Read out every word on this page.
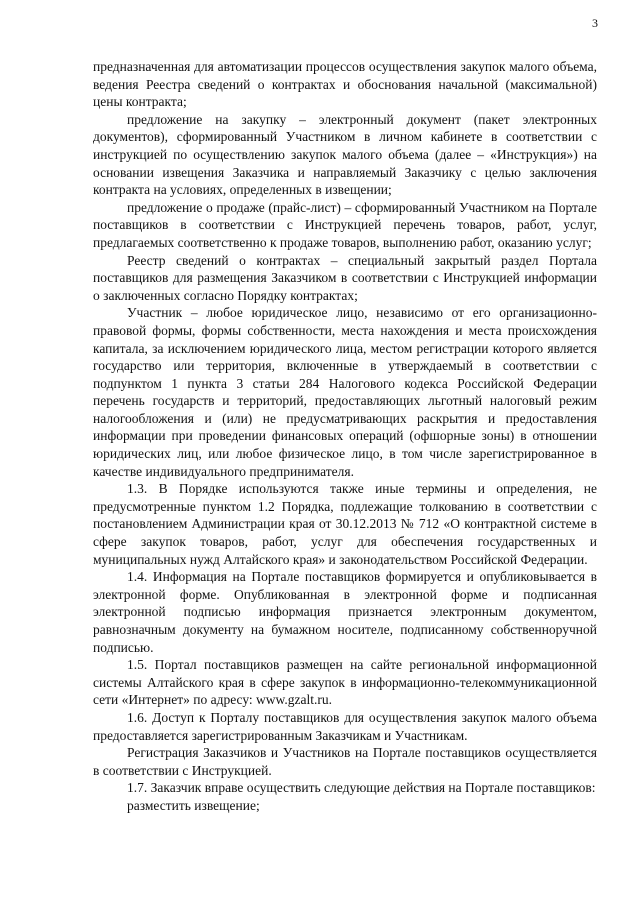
3

предназначенная для автоматизации процессов осуществления закупок малого объема, ведения Реестра сведений о контрактах и обоснования начальной (максимальной) цены контракта;

предложение на закупку – электронный документ (пакет электронных документов), сформированный Участником в личном кабинете в соответствии с инструкцией по осуществлению закупок малого объема (далее – «Инструкция») на основании извещения Заказчика и направляемый Заказчику с целью заключения контракта на условиях, определенных в извещении;

предложение о продаже (прайс-лист) – сформированный Участником на Портале поставщиков в соответствии с Инструкцией перечень товаров, работ, услуг, предлагаемых соответственно к продаже товаров, выполнению работ, оказанию услуг;

Реестр сведений о контрактах – специальный закрытый раздел Портала поставщиков для размещения Заказчиком в соответствии с Инструкцией информации о заключенных согласно Порядку контрактах;

Участник – любое юридическое лицо, независимо от его организационно-правовой формы, формы собственности, места нахождения и места происхождения капитала, за исключением юридического лица, местом регистрации которого является государство или территория, включенные в утверждаемый в соответствии с подпунктом 1 пункта 3 статьи 284 Налогового кодекса Российской Федерации перечень государств и территорий, предоставляющих льготный налоговый режим налогообложения и (или) не предусматривающих раскрытия и предоставления информации при проведении финансовых операций (офшорные зоны) в отношении юридических лиц, или любое физическое лицо, в том числе зарегистрированное в качестве индивидуального предпринимателя.

1.3. В Порядке используются также иные термины и определения, не предусмотренные пунктом 1.2 Порядка, подлежащие толкованию в соответствии с постановлением Администрации края от 30.12.2013 № 712 «О контрактной системе в сфере закупок товаров, работ, услуг для обеспечения государственных и муниципальных нужд Алтайского края» и законодательством Российской Федерации.

1.4. Информация на Портале поставщиков формируется и опубликовывается в электронной форме. Опубликованная в электронной форме и подписанная электронной подписью информация признается электронным документом, равнозначным документу на бумажном носителе, подписанному собственноручной подписью.

1.5. Портал поставщиков размещен на сайте региональной информационной системы Алтайского края в сфере закупок в информационно-телекоммуникационной сети «Интернет» по адресу: www.gzalt.ru.

1.6. Доступ к Порталу поставщиков для осуществления закупок малого объема предоставляется зарегистрированным Заказчикам и Участникам.

Регистрация Заказчиков и Участников на Портале поставщиков осуществляется в соответствии с Инструкцией.

1.7. Заказчик вправе осуществить следующие действия на Портале поставщиков:

разместить извещение;
